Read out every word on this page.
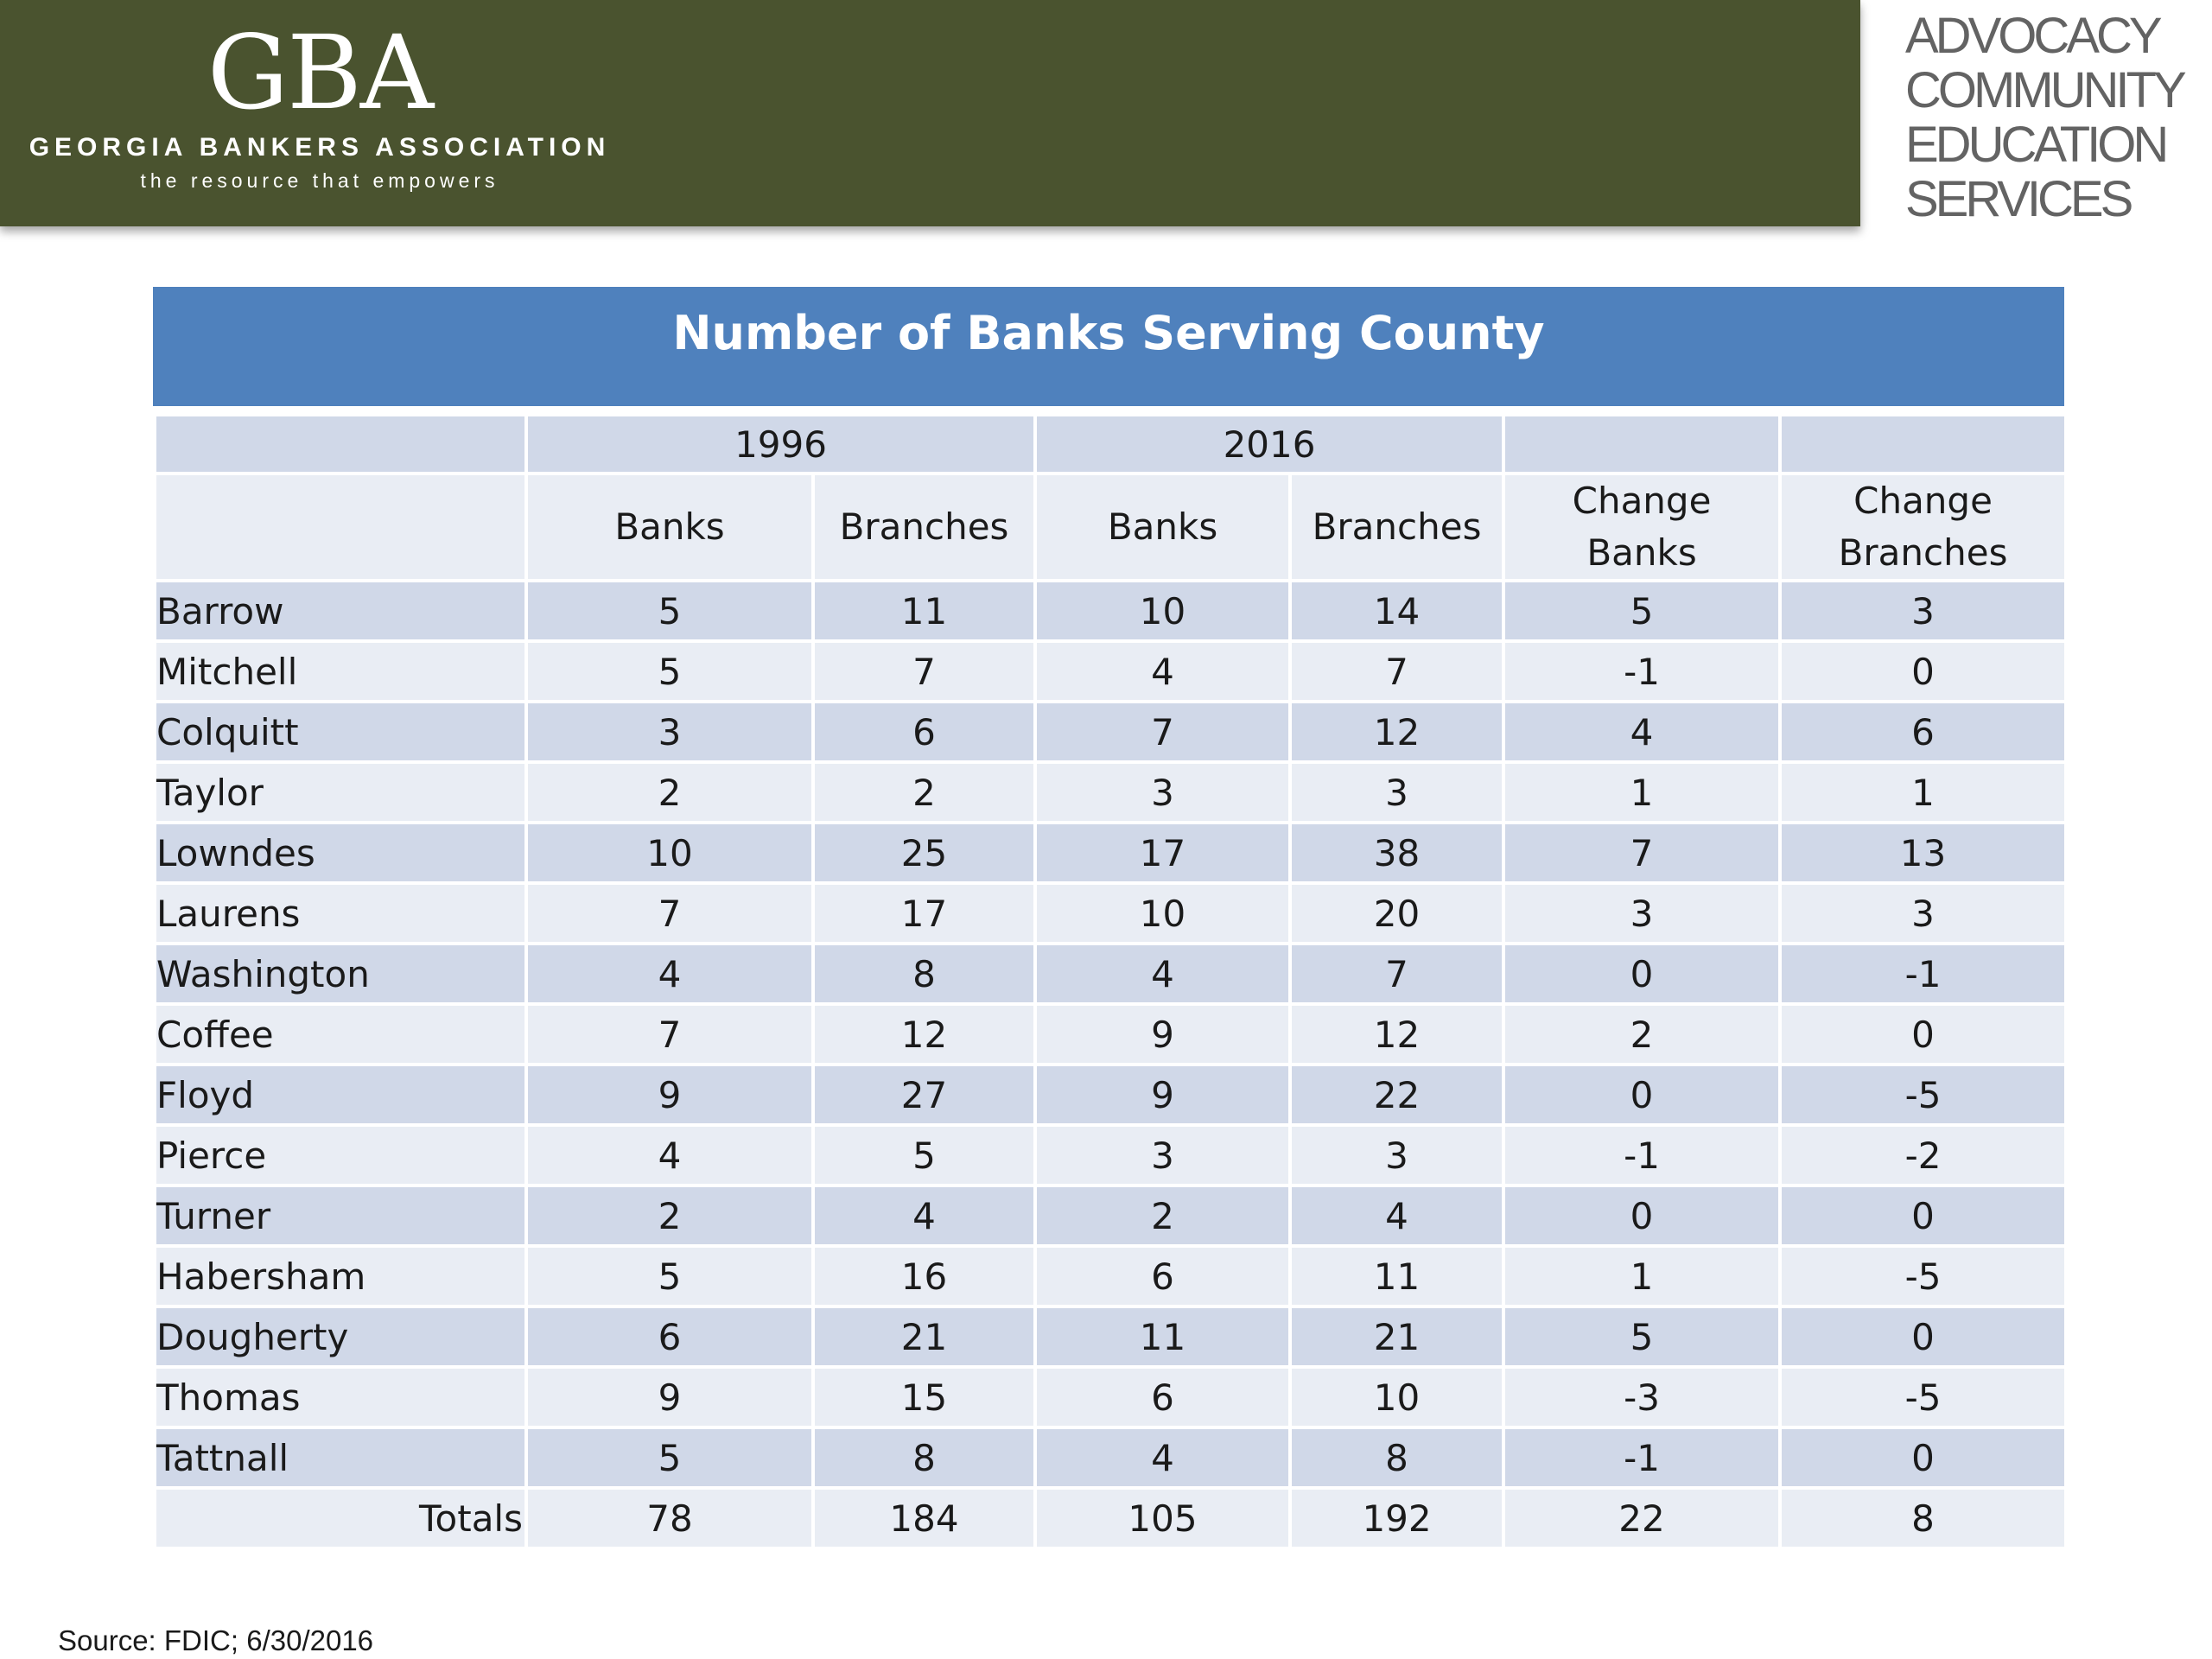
GBA
GEORGIA BANKERS ASSOCIATION
the resource that empowers
ADVOCACY
COMMUNITY
EDUCATION
SERVICES
Number of Banks Serving County
	1996		2016			
	Banks	Branches	Banks	Branches	Change Banks	Change Branches
Barrow	5	11	10	14	5	3
Mitchell	5	7	4	7	-1	0
Colquitt	3	6	7	12	4	6
Taylor	2	2	3	3	1	1
Lowndes	10	25	17	38	7	13
Laurens	7	17	10	20	3	3
Washington	4	8	4	7	0	-1
Coffee	7	12	9	12	2	0
Floyd	9	27	9	22	0	-5
Pierce	4	5	3	3	-1	-2
Turner	2	4	2	4	0	0
Habersham	5	16	6	11	1	-5
Dougherty	6	21	11	21	5	0
Thomas	9	15	6	10	-3	-5
Tattnall	5	8	4	8	-1	0
Totals	78	184	105	192	22	8
Source: FDIC; 6/30/2016
